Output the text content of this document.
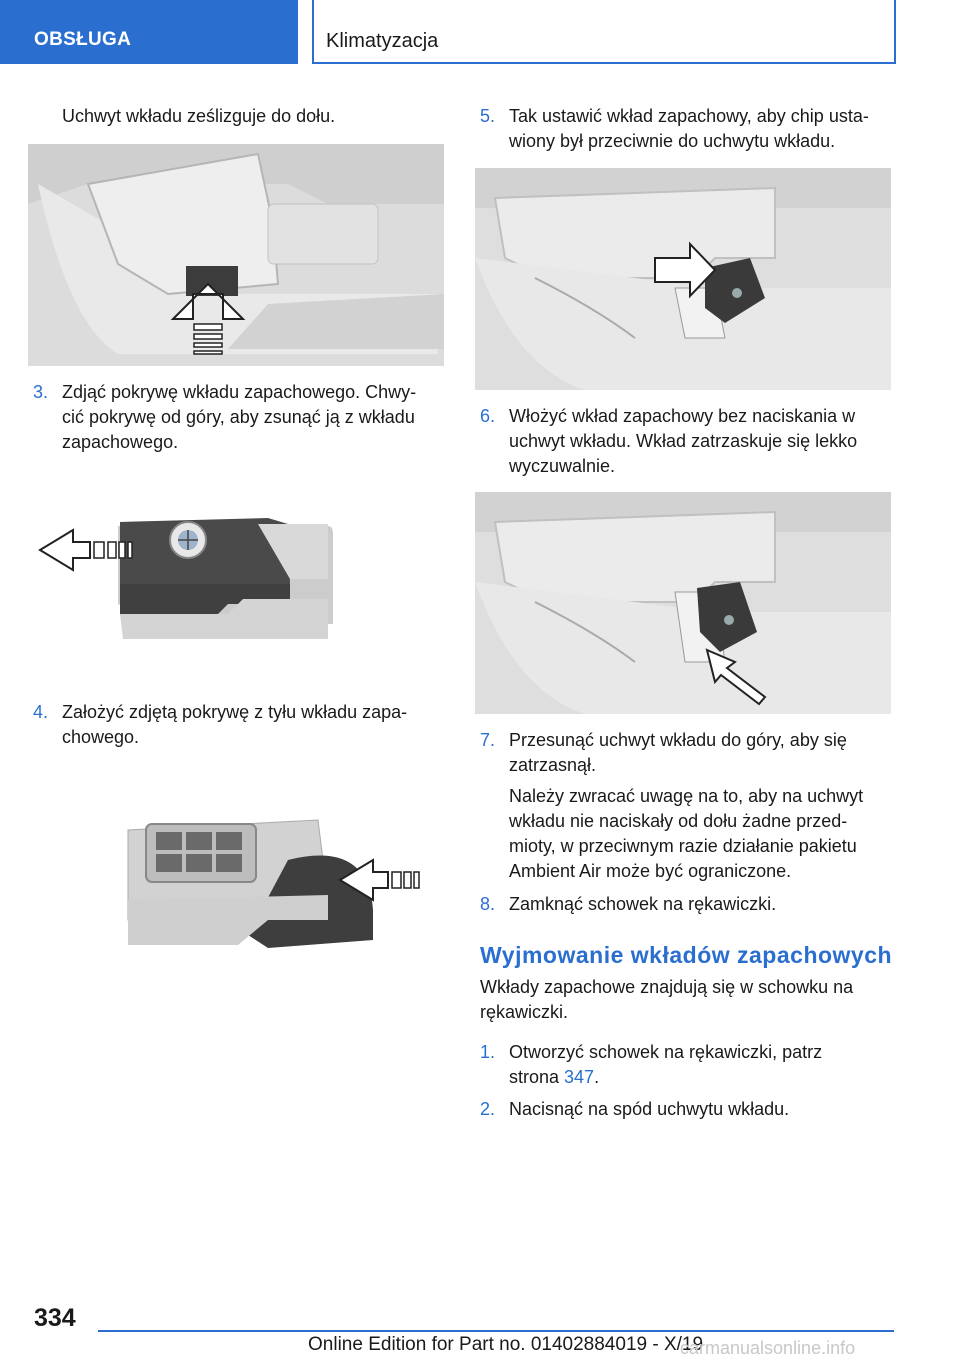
OBSŁUGA	Klimatyzacja
Uchwyt wkładu ześlizguje do dołu.
3. Zdjąć pokrywę wkładu zapachowego. Chwy‐
cić pokrywę od góry, aby zsunąć ją z wkładu
zapachowego.
4. Założyć zdjętą pokrywę z tyłu wkładu zapa‐
chowego.
5. Tak ustawić wkład zapachowy, aby chip usta‐
wiony był przeciwnie do uchwytu wkładu.
6. Włożyć wkład zapachowy bez naciskania w
uchwyt wkładu. Wkład zatrzaskuje się lekko
wyczuwalnie.
7. Przesunąć uchwyt wkładu do góry, aby się
zatrzasnął.
Należy zwracać uwagę na to, aby na uchwyt
wkładu nie naciskały od dołu żadne przed‐
mioty, w przeciwnym razie działanie pakietu
Ambient Air może być ograniczone.
8. Zamknąć schowek na rękawiczki.
Wyjmowanie wkładów zapachowych
Wkłady zapachowe znajdują się w schowku na
rękawiczki.
1. Otworzyć schowek na rękawiczki, patrz
strona 347.
2. Nacisnąć na spód uchwytu wkładu.
334
Online Edition for Part no. 01402884019 - X/19
carmanualsonline.info
